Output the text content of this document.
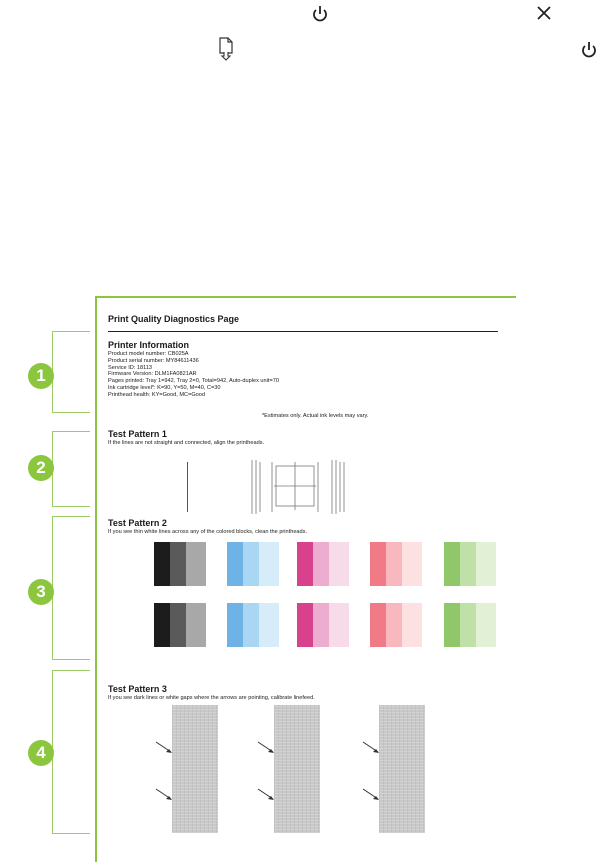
Print Quality Diagnostics Page
Printer Information
Product model number: CB025A
Product serial number: MY84611436
Service ID: 18113
Firmware Version: DLM1FA0821AR
Pages printed: Tray 1=942, Tray 2=0, Total=942, Auto-duplex unit=70
Ink cartridge level*: K=90, Y=50, M=40, C=30
Printhead health: KY=Good, MC=Good
*Estimates only. Actual ink levels may vary.
Test Pattern 1
If the lines are not straight and connected, align the printheads.
Test Pattern 2
If you see thin white lines across any of the colored blocks, clean the printheads.
Test Pattern 3
If you see dark lines or white gaps where the arrows are pointing, calibrate linefeed.
1
2
3
4
